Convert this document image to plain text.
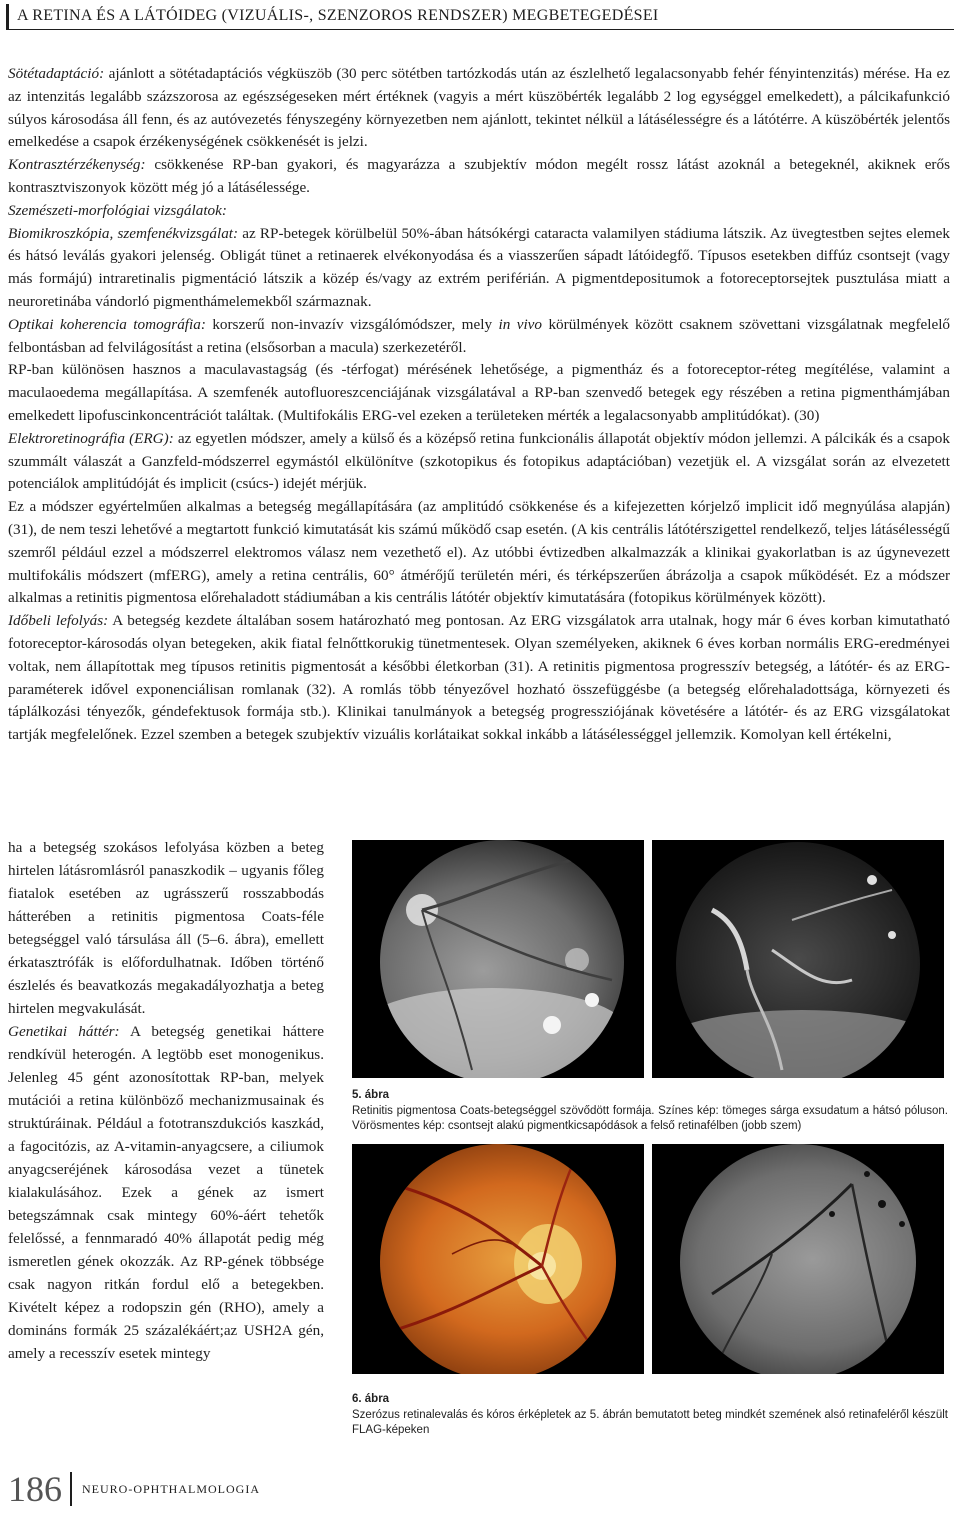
A RETINA ÉS A LÁTÓIDEG (VIZUÁLIS-, SZENZOROS RENDSZER) MEGBETEGEDÉSEI

Sötétadaptáció: ajánlott a sötétadaptációs végküszöb (30 perc sötétben tartózkodás után az észlelhető legalacsonyabb fehér fényintenzitás) mérése. Ha ez az intenzitás legalább százszorosa az egészségeseken mért értéknek (vagyis a mért küszöbérték legalább 2 log egységgel emelkedett), a pálcikafunkció súlyos károsodása áll fenn, és az autóvezetés fényszegény környezetben nem ajánlott, tekintet nélkül a látásélességre és a látótérre. A küszöbérték jelentős emelkedése a csapok érzékenységének csökkenését is jelzi.

Kontrasztérzékenység: csökkenése RP-ban gyakori, és magyarázza a szubjektív módon megélt rossz látást azoknál a betegeknél, akiknek erős kontrasztviszonyok között még jó a látásélessége.

Szemészeti-morfológiai vizsgálatok:

Biomikroszkópia, szemfenékvizsgálat: az RP-betegek körülbelül 50%-ában hátsókérgi cataracta valamilyen stádiuma látszik. Az üvegtestben sejtes elemek és hátsó leválás gyakori jelenség. Obligát tünet a retinaerek elvékonyodása és a viasszerűen sápadt látóidegfő. Típusos esetekben diffúz csontsejt (vagy más formájú) intraretinalis pigmentáció látszik a közép és/vagy az extrém periférián. A pigmentdepositumok a fotoreceptorsejtek pusztulása miatt a neuroretinába vándorló pigmenthámelemekből származnak.

Optikai koherencia tomográfia: korszerű non-invazív vizsgálómódszer, mely in vivo körülmények között csaknem szövettani vizsgálatnak megfelelő felbontásban ad felvilágosítást a retina (elsősorban a macula) szerkezetéről.

RP-ban különösen hasznos a maculavastagság (és -térfogat) mérésének lehetősége, a pigmentház és a fotoreceptor-réteg megítélése, valamint a maculaoedema megállapítása. A szemfenék autofluoreszcenciájának vizsgálatával a RP-ban szenvedő betegek egy részében a retina pigmenthámjában emelkedett lipofuscinkoncentrációt találtak. (Multifokális ERG-vel ezeken a területeken mérték a legalacsonyabb amplitúdókat). (30)

Elektroretinográfia (ERG): az egyetlen módszer, amely a külső és a középső retina funkcionális állapotát objektív módon jellemzi. A pálcikák és a csapok szummált válaszát a Ganzfeld-módszerrel egymástól elkülönítve (szkotopikus és fotopikus adaptációban) vezetjük el. A vizsgálat során az elvezetett potenciálok amplitúdóját és implicit (csúcs-) idejét mérjük.

Ez a módszer egyértelműen alkalmas a betegség megállapítására (az amplitúdó csökkenése és a kifejezetten kórjelző implicit idő megnyúlása alapján) (31), de nem teszi lehetővé a megtartott funkció kimutatását kis számú működő csap esetén. (A kis centrális látótérszigettel rendelkező, teljes látásélességű szemről például ezzel a módszerrel elektromos válasz nem vezethető el). Az utóbbi évtizedben alkalmazzák a klinikai gyakorlatban is az úgynevezett multifokális módszert (mfERG), amely a retina centrális, 60° átmérőjű területén méri, és térképszerűen ábrázolja a csapok működését. Ez a módszer alkalmas a retinitis pigmentosa előrehaladott stádiumában a kis centrális látótér objektív kimutatására (fotopikus körülmények között).

Időbeli lefolyás: A betegség kezdete általában sosem határozható meg pontosan. Az ERG vizsgálatok arra utalnak, hogy már 6 éves korban kimutatható fotoreceptor-károsodás olyan betegeken, akik fiatal felnőttkorukig tünetmentesek. Olyan személyeken, akiknek 6 éves korban normális ERG-eredményei voltak, nem állapítottak meg típusos retinitis pigmentosát a későbbi életkorban (31). A retinitis pigmentosa progresszív betegség, a látótér- és az ERG-paraméterek idővel exponenciálisan romlanak (32). A romlás több tényezővel hozható összefüggésbe (a betegség előrehaladottsága, környezeti és táplálkozási tényezők, géndefektusok formája stb.). Klinikai tanulmányok a betegség progressziójának követésére a látótér- és az ERG vizsgálatokat tartják megfelelőnek. Ezzel szemben a betegek szubjektív vizuális korlátaikat sokkal inkább a látásélességgel jellemzik. Komolyan kell értékelni,

ha a betegség szokásos lefolyása közben a beteg hirtelen látásromlásról panaszkodik – ugyanis főleg fiatalok esetében az ugrásszerű rosszabbodás hátterében a retinitis pigmentosa Coats-féle betegséggel való társulása áll (5–6. ábra), emellett érkatasztrófák is előfordulhatnak. Időben történő észlelés és beavatkozás megakadályozhatja a beteg hirtelen megvakulását.

Genetikai háttér: A betegség genetikai háttere rendkívül heterogén. A legtöbb eset monogenikus. Jelenleg 45 gént azonosítottak RP-ban, melyek mutációi a retina különböző mechanizmusainak és struktúráinak. Például a fototranszdukciós kaszkád, a fagocitózis, az A-vitamin-anyagcsere, a ciliumok anyagcseréjének károsodása vezet a tünetek kialakulásához. Ezek a gének az ismert betegszámnak csak mintegy 60%-áért tehetők felelőssé, a fennmaradó 40% állapotát pedig még ismeretlen gének okozzák. Az RP-gének többsége csak nagyon ritkán fordul elő a betegekben. Kivételt képez a rodopszin gén (RHO), amely a domináns formák 25 százalékáért;az USH2A gén, amely a recesszív esetek mintegy

5. ábra
Retinitis pigmentosa Coats-betegséggel szövődött formája. Színes kép: tömeges sárga exsudatum a hátsó póluson. Vörösmentes kép: csontsejt alakú pigmentkicsapódások a felső retinafélben (jobb szem)
6. ábra
Szerózus retinalevalás és kóros érképletek az 5. ábrán bemutatott beteg mindkét szemének alsó retinafeléről készült FLAG-képeken
186 NEURO-OPHTHALMOLOGIA
